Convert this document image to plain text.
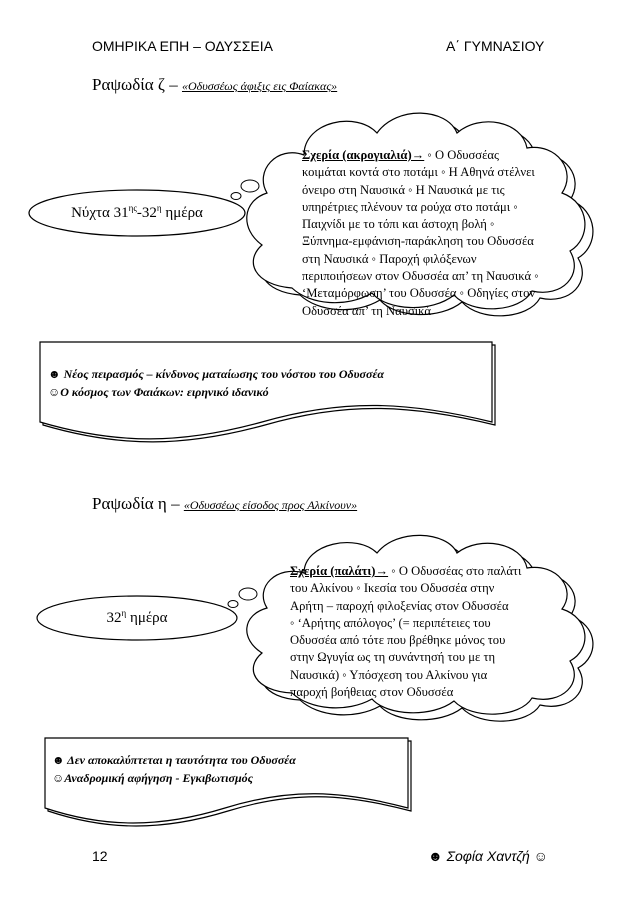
ΟΜΗΡΙΚΑ ΕΠΗ – ΟΔΥΣΣΕΙΑ	Α΄ ΓΥΜΝΑΣΙΟΥ
Ραψωδία ζ – «Οδυσσέως άφιξις εις Φαίακας»
Νύχτα $31^{\eta\varsigma}-32^\eta$ ημέρα
Σχερία (ακρογιαλιά)→ ◦ Ο Οδυσσέας
κοιμάται κοντά στο ποτάμι ◦ Η Αθηνά στέλνει
όνειρο στη Ναυσικά ◦ Η Ναυσικά με τις
υπηρέτριες πλένουν τα ρούχα στο ποτάμι ◦
Παιχνίδι με το τόπι και άστοχη βολή ◦
Ξύπνημα-εμφάνιση-παράκληση του Οδυσσέα
στη Ναυσικά ◦ Παροχή φιλόξενων
περιποιήσεων στον Οδυσσέα απ’ τη Ναυσικά ◦
‘Μεταμόρφωση’ του Οδυσσέα ◦ Οδηγίες στον
Οδυσσέα απ’ τη Ναυσικά
☻ Νέος πειρασμός – κίνδυνος ματαίωσης του νόστου του Οδυσσέα
☺Ο κόσμος των Φαιάκων: ειρηνικό ιδανικό
Ραψωδία η – «Οδυσσέως είσοδος προς Αλκίνουν»
$32^\eta$ ημέρα
Σχερία (παλάτι)→ ◦ Ο Οδυσσέας στο παλάτι
του Αλκίνου ◦ Ικεσία του Οδυσσέα στην
Αρήτη – παροχή φιλοξενίας στον Οδυσσέα
◦ ‘Αρήτης απόλογος’ (= περιπέτειες του
Οδυσσέα από τότε που βρέθηκε μόνος του
στην Ωγυγία ως τη συνάντησή του με τη
Ναυσικά) ◦ Υπόσχεση του Αλκίνου για
παροχή βοήθειας στον Οδυσσέα
☻ Δεν αποκαλύπτεται η ταυτότητα του Οδυσσέα
☺Αναδρομική αφήγηση - Εγκιβωτισμός
12	☻ Σοφία Χαντζή ☺
